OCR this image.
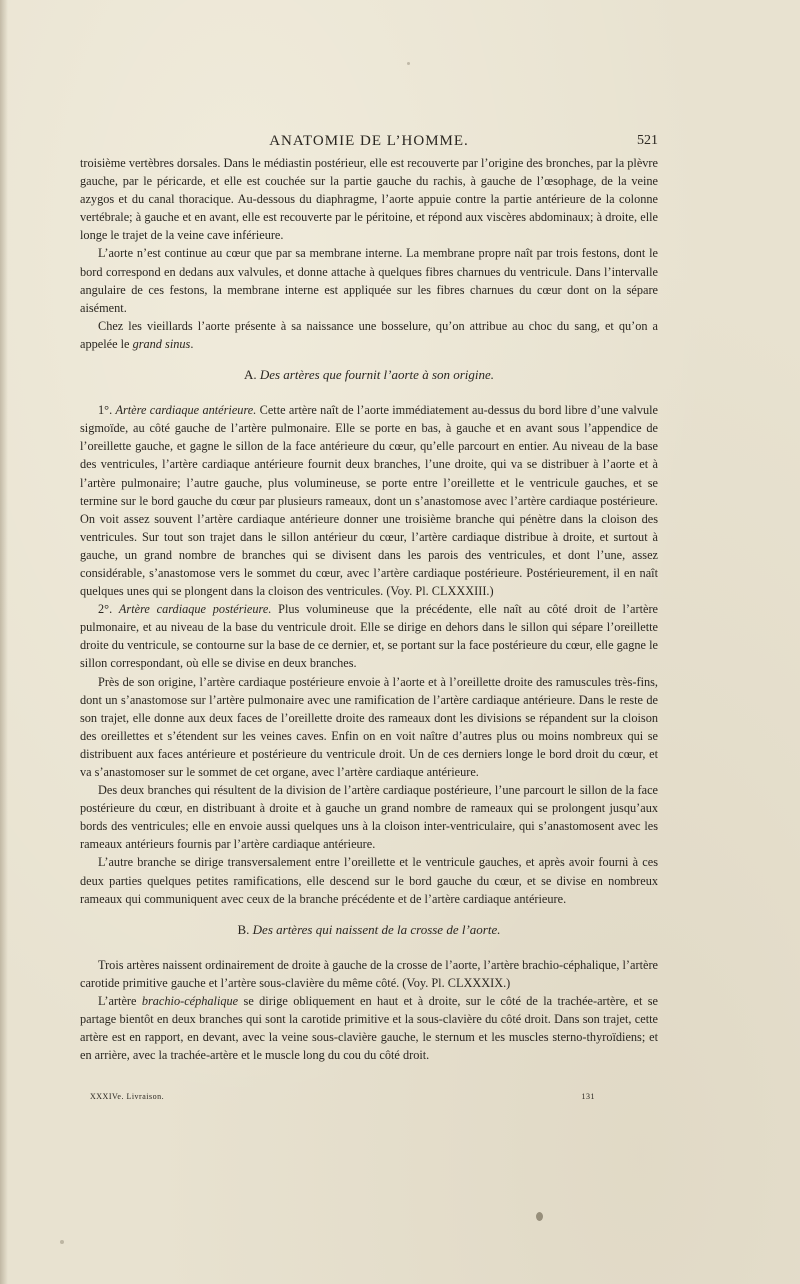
ANATOMIE DE L’HOMME.	521

troisième vertèbres dorsales. Dans le médiastin postérieur, elle est recouverte par l’origine des bronches, par la plèvre gauche, par le péricarde, et elle est couchée sur la partie gauche du rachis, à gauche de l’œsophage, de la veine azygos et du canal thoracique. Au-dessous du diaphragme, l’aorte appuie contre la partie antérieure de la colonne vertébrale; à gauche et en avant, elle est recouverte par le péritoine, et répond aux viscères abdominaux; à droite, elle longe le trajet de la veine cave inférieure.

L’aorte n’est continue au cœur que par sa membrane interne. La membrane propre naît par trois festons, dont le bord correspond en dedans aux valvules, et donne attache à quelques fibres charnues du ventricule. Dans l’intervalle angulaire de ces festons, la membrane interne est appliquée sur les fibres charnues du cœur dont on la sépare aisément.

Chez les vieillards l’aorte présente à sa naissance une bosselure, qu’on attribue au choc du sang, et qu’on a appelée le grand sinus.

A. Des artères que fournit l’aorte à son origine.

1°. Artère cardiaque antérieure. Cette artère naît de l’aorte immédiatement au-dessus du bord libre d’une valvule sigmoïde, au côté gauche de l’artère pulmonaire. Elle se porte en bas, à gauche et en avant sous l’appendice de l’oreillette gauche, et gagne le sillon de la face antérieure du cœur, qu’elle parcourt en entier. Au niveau de la base des ventricules, l’artère cardiaque antérieure fournit deux branches, l’une droite, qui va se distribuer à l’aorte et à l’artère pulmonaire; l’autre gauche, plus volumineuse, se porte entre l’oreillette et le ventricule gauches, et se termine sur le bord gauche du cœur par plusieurs rameaux, dont un s’anastomose avec l’artère cardiaque postérieure. On voit assez souvent l’artère cardiaque antérieure donner une troisième branche qui pénètre dans la cloison des ventricules. Sur tout son trajet dans le sillon antérieur du cœur, l’artère cardiaque distribue à droite, et surtout à gauche, un grand nombre de branches qui se divisent dans les parois des ventricules, et dont l’une, assez considérable, s’anastomose vers le sommet du cœur, avec l’artère cardiaque postérieure. Postérieurement, il en naît quelques unes qui se plongent dans la cloison des ventricules. (Voy. Pl. CLXXXIII.)

2°. Artère cardiaque postérieure. Plus volumineuse que la précédente, elle naît au côté droit de l’artère pulmonaire, et au niveau de la base du ventricule droit. Elle se dirige en dehors dans le sillon qui sépare l’oreillette droite du ventricule, se contourne sur la base de ce dernier, et, se portant sur la face postérieure du cœur, elle gagne le sillon correspondant, où elle se divise en deux branches.

Près de son origine, l’artère cardiaque postérieure envoie à l’aorte et à l’oreillette droite des ramuscules très-fins, dont un s’anastomose sur l’artère pulmonaire avec une ramification de l’artère cardiaque antérieure. Dans le reste de son trajet, elle donne aux deux faces de l’oreillette droite des rameaux dont les divisions se répandent sur la cloison des oreillettes et s’étendent sur les veines caves. Enfin on en voit naître d’autres plus ou moins nombreux qui se distribuent aux faces antérieure et postérieure du ventricule droit. Un de ces derniers longe le bord droit du cœur, et va s’anastomoser sur le sommet de cet organe, avec l’artère cardiaque antérieure.

Des deux branches qui résultent de la division de l’artère cardiaque postérieure, l’une parcourt le sillon de la face postérieure du cœur, en distribuant à droite et à gauche un grand nombre de rameaux qui se prolongent jusqu’aux bords des ventricules; elle en envoie aussi quelques uns à la cloison inter-ventriculaire, qui s’anastomosent avec les rameaux antérieurs fournis par l’artère cardiaque antérieure.

L’autre branche se dirige transversalement entre l’oreillette et le ventricule gauches, et après avoir fourni à ces deux parties quelques petites ramifications, elle descend sur le bord gauche du cœur, et se divise en nombreux rameaux qui communiquent avec ceux de la branche précédente et de l’artère cardiaque antérieure.

B. Des artères qui naissent de la crosse de l’aorte.

Trois artères naissent ordinairement de droite à gauche de la crosse de l’aorte, l’artère brachio-céphalique, l’artère carotide primitive gauche et l’artère sous-clavière du même côté. (Voy. Pl. CLXXXIX.)

L’artère brachio-céphalique se dirige obliquement en haut et à droite, sur le côté de la trachée-artère, et se partage bientôt en deux branches qui sont la carotide primitive et la sous-clavière du côté droit. Dans son trajet, cette artère est en rapport, en devant, avec la veine sous-clavière gauche, le sternum et les muscles sterno-thyroïdiens; et en arrière, avec la trachée-artère et le muscle long du cou du côté droit.

XXXIVe. Livraison.	131
